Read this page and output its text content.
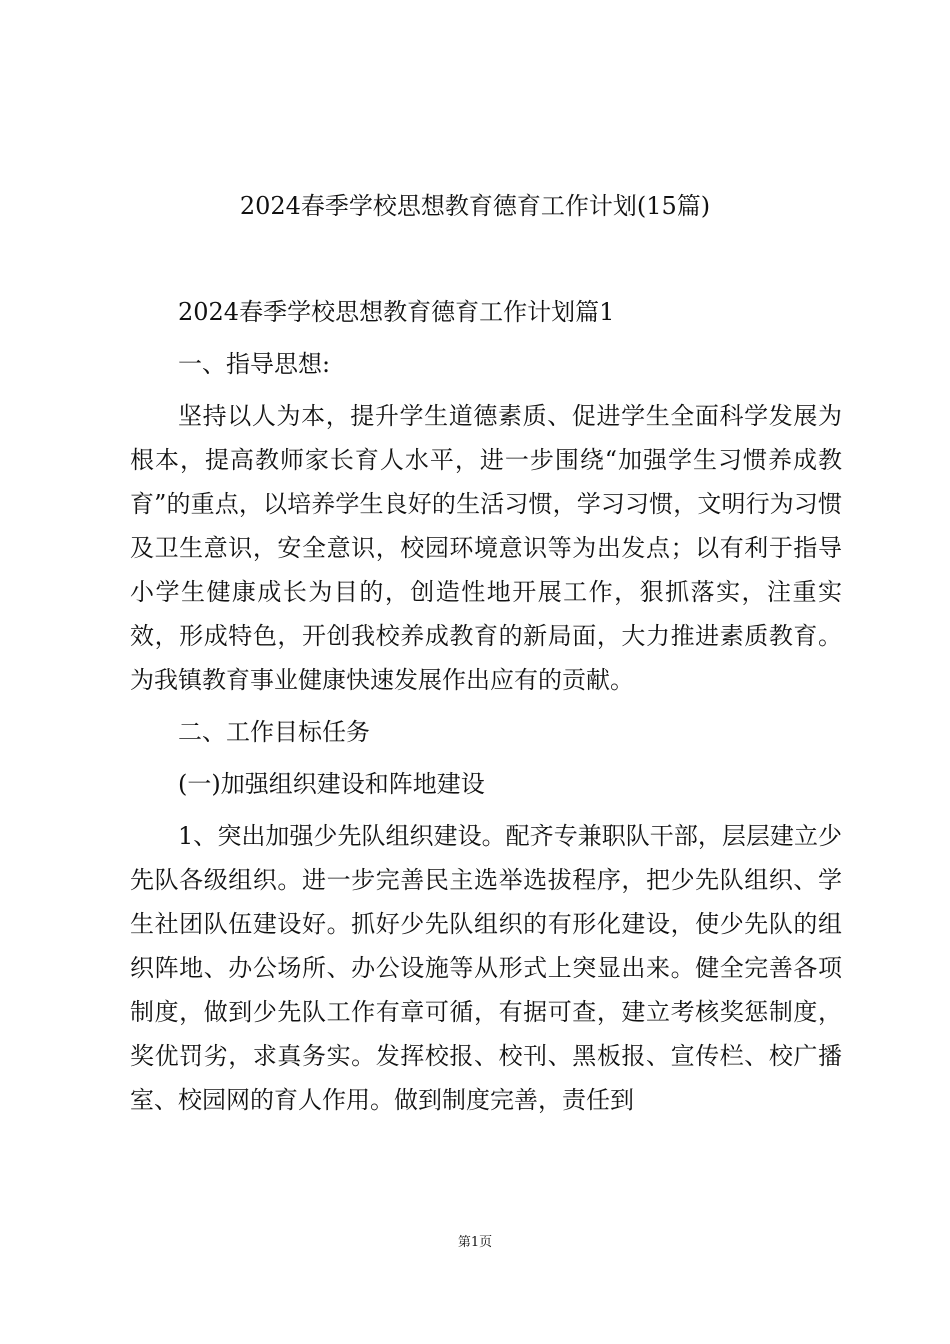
2024春季学校思想教育德育工作计划(15篇)

2024春季学校思想教育德育工作计划篇1

一、指导思想:

坚持以人为本，提升学生道德素质、促进学生全面科学发展为根本，提高教师家长育人水平，进一步围绕“加强学生习惯养成教育”的重点，以培养学生良好的生活习惯，学习习惯，文明行为习惯及卫生意识，安全意识，校园环境意识等为出发点；以有利于指导小学生健康成长为目的，创造性地开展工作，狠抓落实，注重实效，形成特色，开创我校养成教育的新局面，大力推进素质教育。为我镇教育事业健康快速发展作出应有的贡献。

二、工作目标任务

(一)加强组织建设和阵地建设

1、突出加强少先队组织建设。配齐专兼职队干部，层层建立少先队各级组织。进一步完善民主选举选拔程序，把少先队组织、学生社团队伍建设好。抓好少先队组织的有形化建设，使少先队的组织阵地、办公场所、办公设施等从形式上突显出来。健全完善各项制度，做到少先队工作有章可循，有据可查，建立考核奖惩制度，奖优罚劣，求真务实。发挥校报、校刊、黑板报、宣传栏、校广播室、校园网的育人作用。做到制度完善，责任到

第1页
